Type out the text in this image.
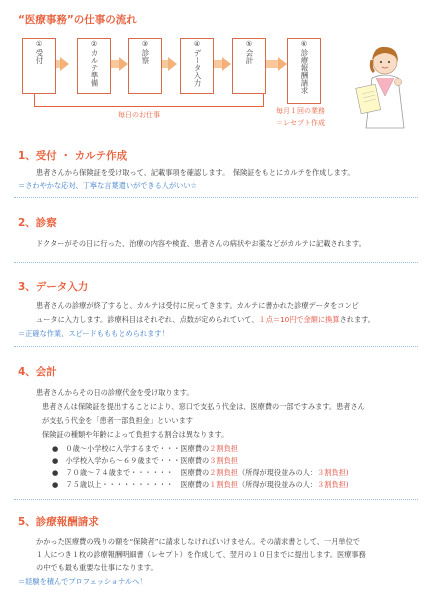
“医療事務”の仕事の流れ
①
受付
②
カルテ準備
③
診察
④
データ入力
⑤
会計
⑥
診療報酬請求
毎日のお仕事	毎月１回の業務
＝レセプト作成
1、受付 ・ カルテ作成
患者さんから保険証を受け取って、記載事項を確認します。　保険証をもとにカルテを作成します。
＝さわやかな応対、丁寧な言葉遣いができる人がいい☆
2、診察
ドクターがその日に行った、治療の内容や検査、患者さんの病状やお薬などがカルテに記載されます。
3、データ入力
患者さんの診療が終了すると、カルテは受付に戻ってきます。カルテに書かれた診療データをコンピ
ュータに入力します。診療科目はそれぞれ、点数が定められていて、１点＝10円で金額に換算されます。
＝正確な作業、スピードもももとめられます！
4、会計
患者さんからその日の診療代金を受け取ります。
患者さんは保険証を提出することにより、窓口で支払う代金は、医療費の一部ですみます。患者さん
が支払う代金を「患者一部負担金」といいます
保険証の種類や年齢によって負担する割合は異なります。
●　０歳～小学校に入学するまで・・・医療費の２割負担
●　小学校入学から～６９歳まで・・・医療費の３割負担
●　７０歳～７４歳まで・・・・・・　医療費の２割負担（所得が現役並みの人：３割負担)
●　７５歳以上・・・・・・・・・・　医療費の１割負担（所得が現役並みの人：３割負担)
5、診療報酬請求
かかった医療費の残りの額を“保険者”に請求しなければいけません。その請求書として、一月単位で
１人につき１枚の診療報酬明細書（レセプト）を作成して、翌月の１０日までに提出します。医療事務
の中でも最も重要な仕事になります。
＝経験を積んでプロフェッショナルへ！
